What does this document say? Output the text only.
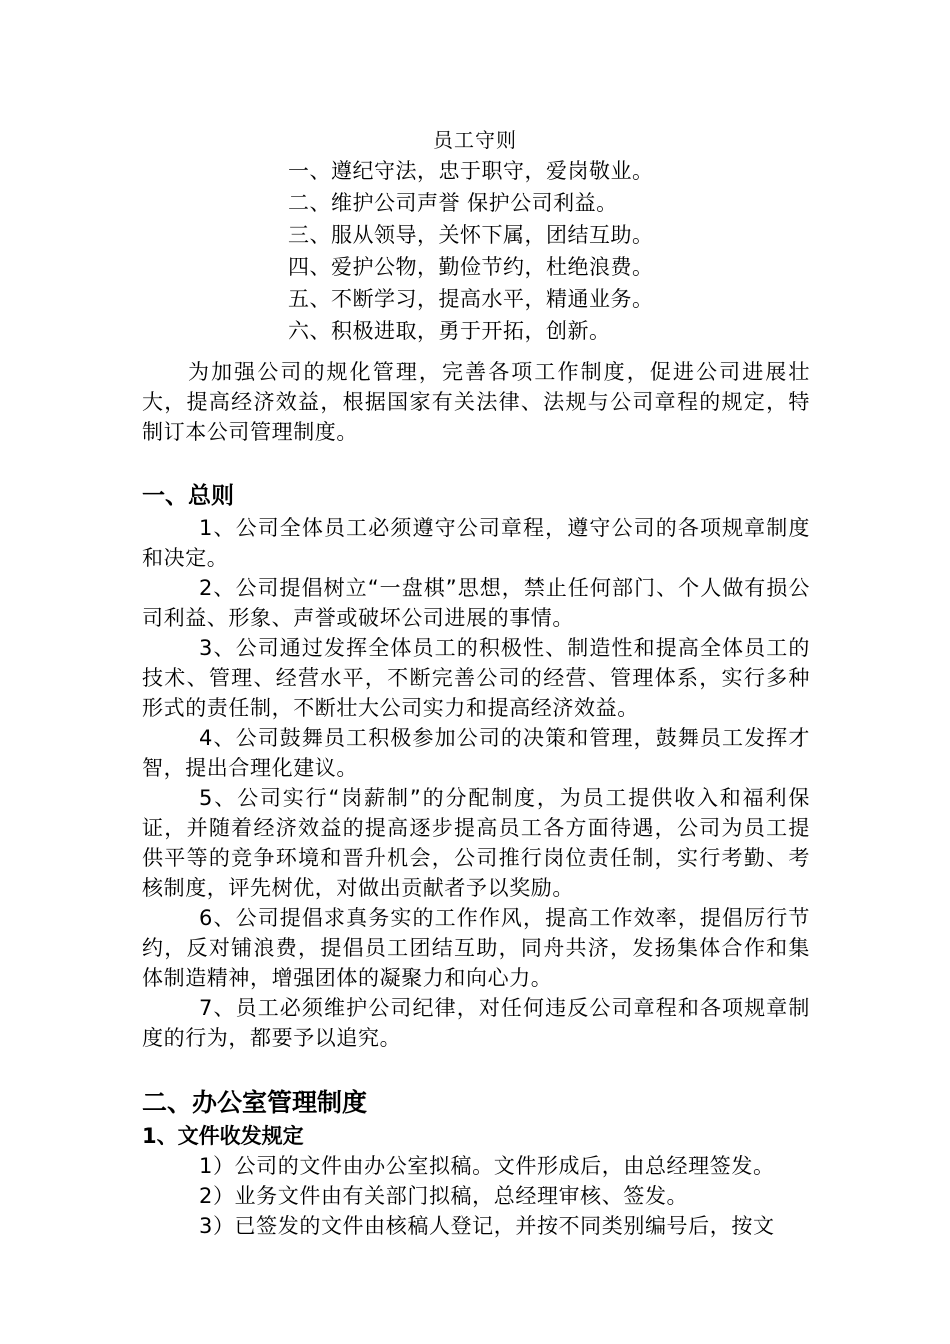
员工守则
一、遵纪守法，忠于职守，爱岗敬业。
二、维护公司声誉 保护公司利益。
三、服从领导，关怀下属，团结互助。
四、爱护公物，勤俭节约，杜绝浪费。
五、不断学习，提高水平，精通业务。
六、积极进取，勇于开拓，创新。

为加强公司的规化管理，完善各项工作制度，促进公司进展壮大，提高经济效益，根据国家有关法律、法规与公司章程的规定，特制订本公司管理制度。

一、总则

1、公司全体员工必须遵守公司章程，遵守公司的各项规章制度和决定。

2、公司提倡树立“一盘棋”思想，禁止任何部门、个人做有损公司利益、形象、声誉或破坏公司进展的事情。

3、公司通过发挥全体员工的积极性、制造性和提高全体员工的技术、管理、经营水平，不断完善公司的经营、管理体系，实行多种形式的责任制，不断壮大公司实力和提高经济效益。

4、公司鼓舞员工积极参加公司的决策和管理，鼓舞员工发挥才智，提出合理化建议。

5、公司实行“岗薪制”的分配制度，为员工提供收入和福利保证，并随着经济效益的提高逐步提高员工各方面待遇，公司为员工提供平等的竞争环境和晋升机会，公司推行岗位责任制，实行考勤、考核制度，评先树优，对做出贡献者予以奖励。

6、公司提倡求真务实的工作作风，提高工作效率，提倡厉行节约，反对铺浪费，提倡员工团结互助，同舟共济，发扬集体合作和集体制造精神，增强团体的凝聚力和向心力。

7、员工必须维护公司纪律，对任何违反公司章程和各项规章制度的行为，都要予以追究。

二、办公室管理制度
1、文件收发规定

1）公司的文件由办公室拟稿。文件形成后，由总经理签发。

2）业务文件由有关部门拟稿，总经理审核、签发。

3）已签发的文件由核稿人登记，并按不同类别编号后，按文
